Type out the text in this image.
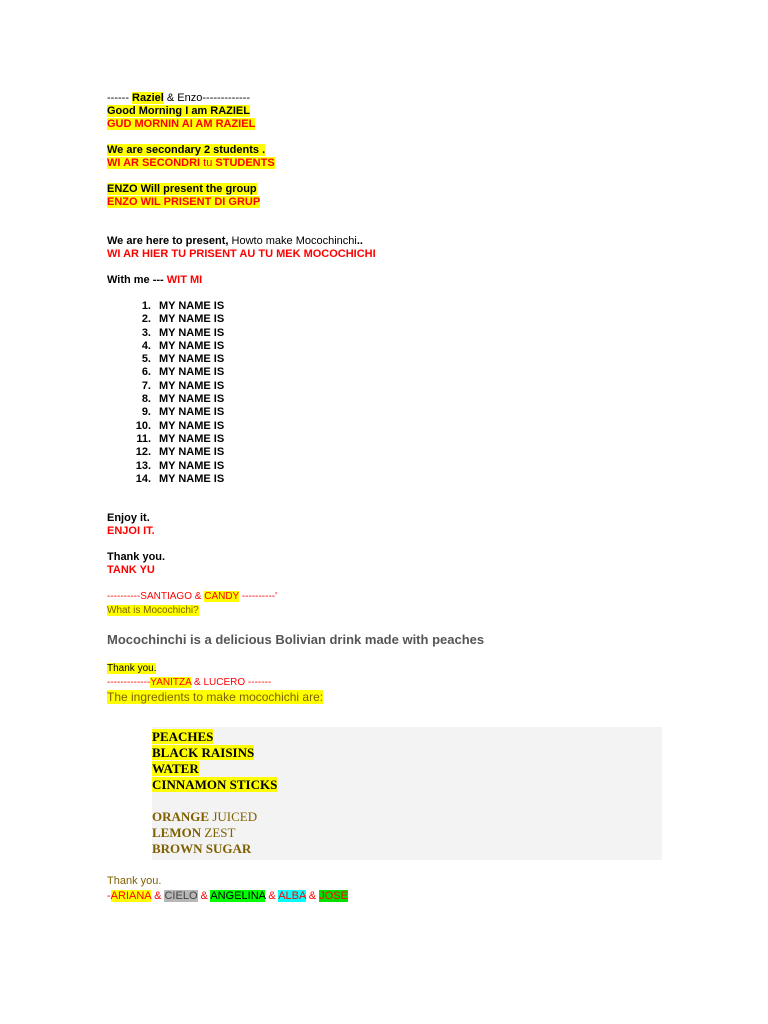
------ Raziel & Enzo-------------
Good Morning I am RAZIEL
GUD MORNIN AI AM RAZIEL
We are secondary 2 students .
WI AR SECONDRI tu STUDENTS
ENZO Will present the group
ENZO WIL PRISENT DI GRUP
We are here to present, Howto make Mocochinchi..
WI AR HIER TU PRISENT AU TU MEK MOCOCHICHI
With me --- WIT MI
1. MY NAME IS
2. MY NAME IS
3. MY NAME IS
4. MY NAME IS
5. MY NAME IS
6. MY NAME IS
7. MY NAME IS
8. MY NAME IS
9. MY NAME IS
10. MY NAME IS
11. MY NAME IS
12. MY NAME IS
13. MY NAME IS
14. MY NAME IS
Enjoy it.
ENJOI IT.
Thank you.
TANK YU
----------SANTIAGO & CANDY ----------'
What is Mocochichi?
Mocochinchi is a delicious Bolivian drink made with peaches
Thank you.
-------------YANITZA & LUCERO -------
The ingredients to make mocochichi are:
PEACHES
BLACK RAISINS
WATER
CINNAMON STICKS
ORANGE JUICED
LEMON ZEST
BROWN SUGAR
Thank you.
-ARIANA & CIELO & ANGELINA & ALBA & JOSE
